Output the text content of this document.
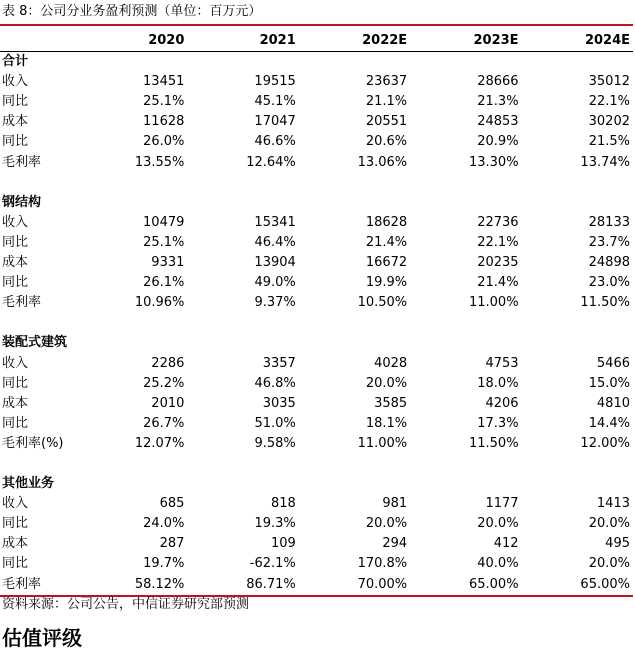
表 8：公司分业务盈利预测（单位：百万元）
	2020	2021	2022E	2023E	2024E
合计					
收入	13451	19515	23637	28666	35012
同比	25.1%	45.1%	21.1%	21.3%	22.1%
成本	11628	17047	20551	24853	30202
同比	26.0%	46.6%	20.6%	20.9%	21.5%
毛利率	13.55%	12.64%	13.06%	13.30%	13.74%

钢结构					
收入	10479	15341	18628	22736	28133
同比	25.1%	46.4%	21.4%	22.1%	23.7%
成本	9331	13904	16672	20235	24898
同比	26.1%	49.0%	19.9%	21.4%	23.0%
毛利率	10.96%	9.37%	10.50%	11.00%	11.50%

装配式建筑					
收入	2286	3357	4028	4753	5466
同比	25.2%	46.8%	20.0%	18.0%	15.0%
成本	2010	3035	3585	4206	4810
同比	26.7%	51.0%	18.1%	17.3%	14.4%
毛利率(%)	12.07%	9.58%	11.00%	11.50%	12.00%

其他业务					
收入	685	818	981	1177	1413
同比	24.0%	19.3%	20.0%	20.0%	20.0%
成本	287	109	294	412	495
同比	19.7%	-62.1%	170.8%	40.0%	20.0%
毛利率	58.12%	86.71%	70.00%	65.00%	65.00%
资料来源：公司公告，中信证券研究部预测
估值评级
